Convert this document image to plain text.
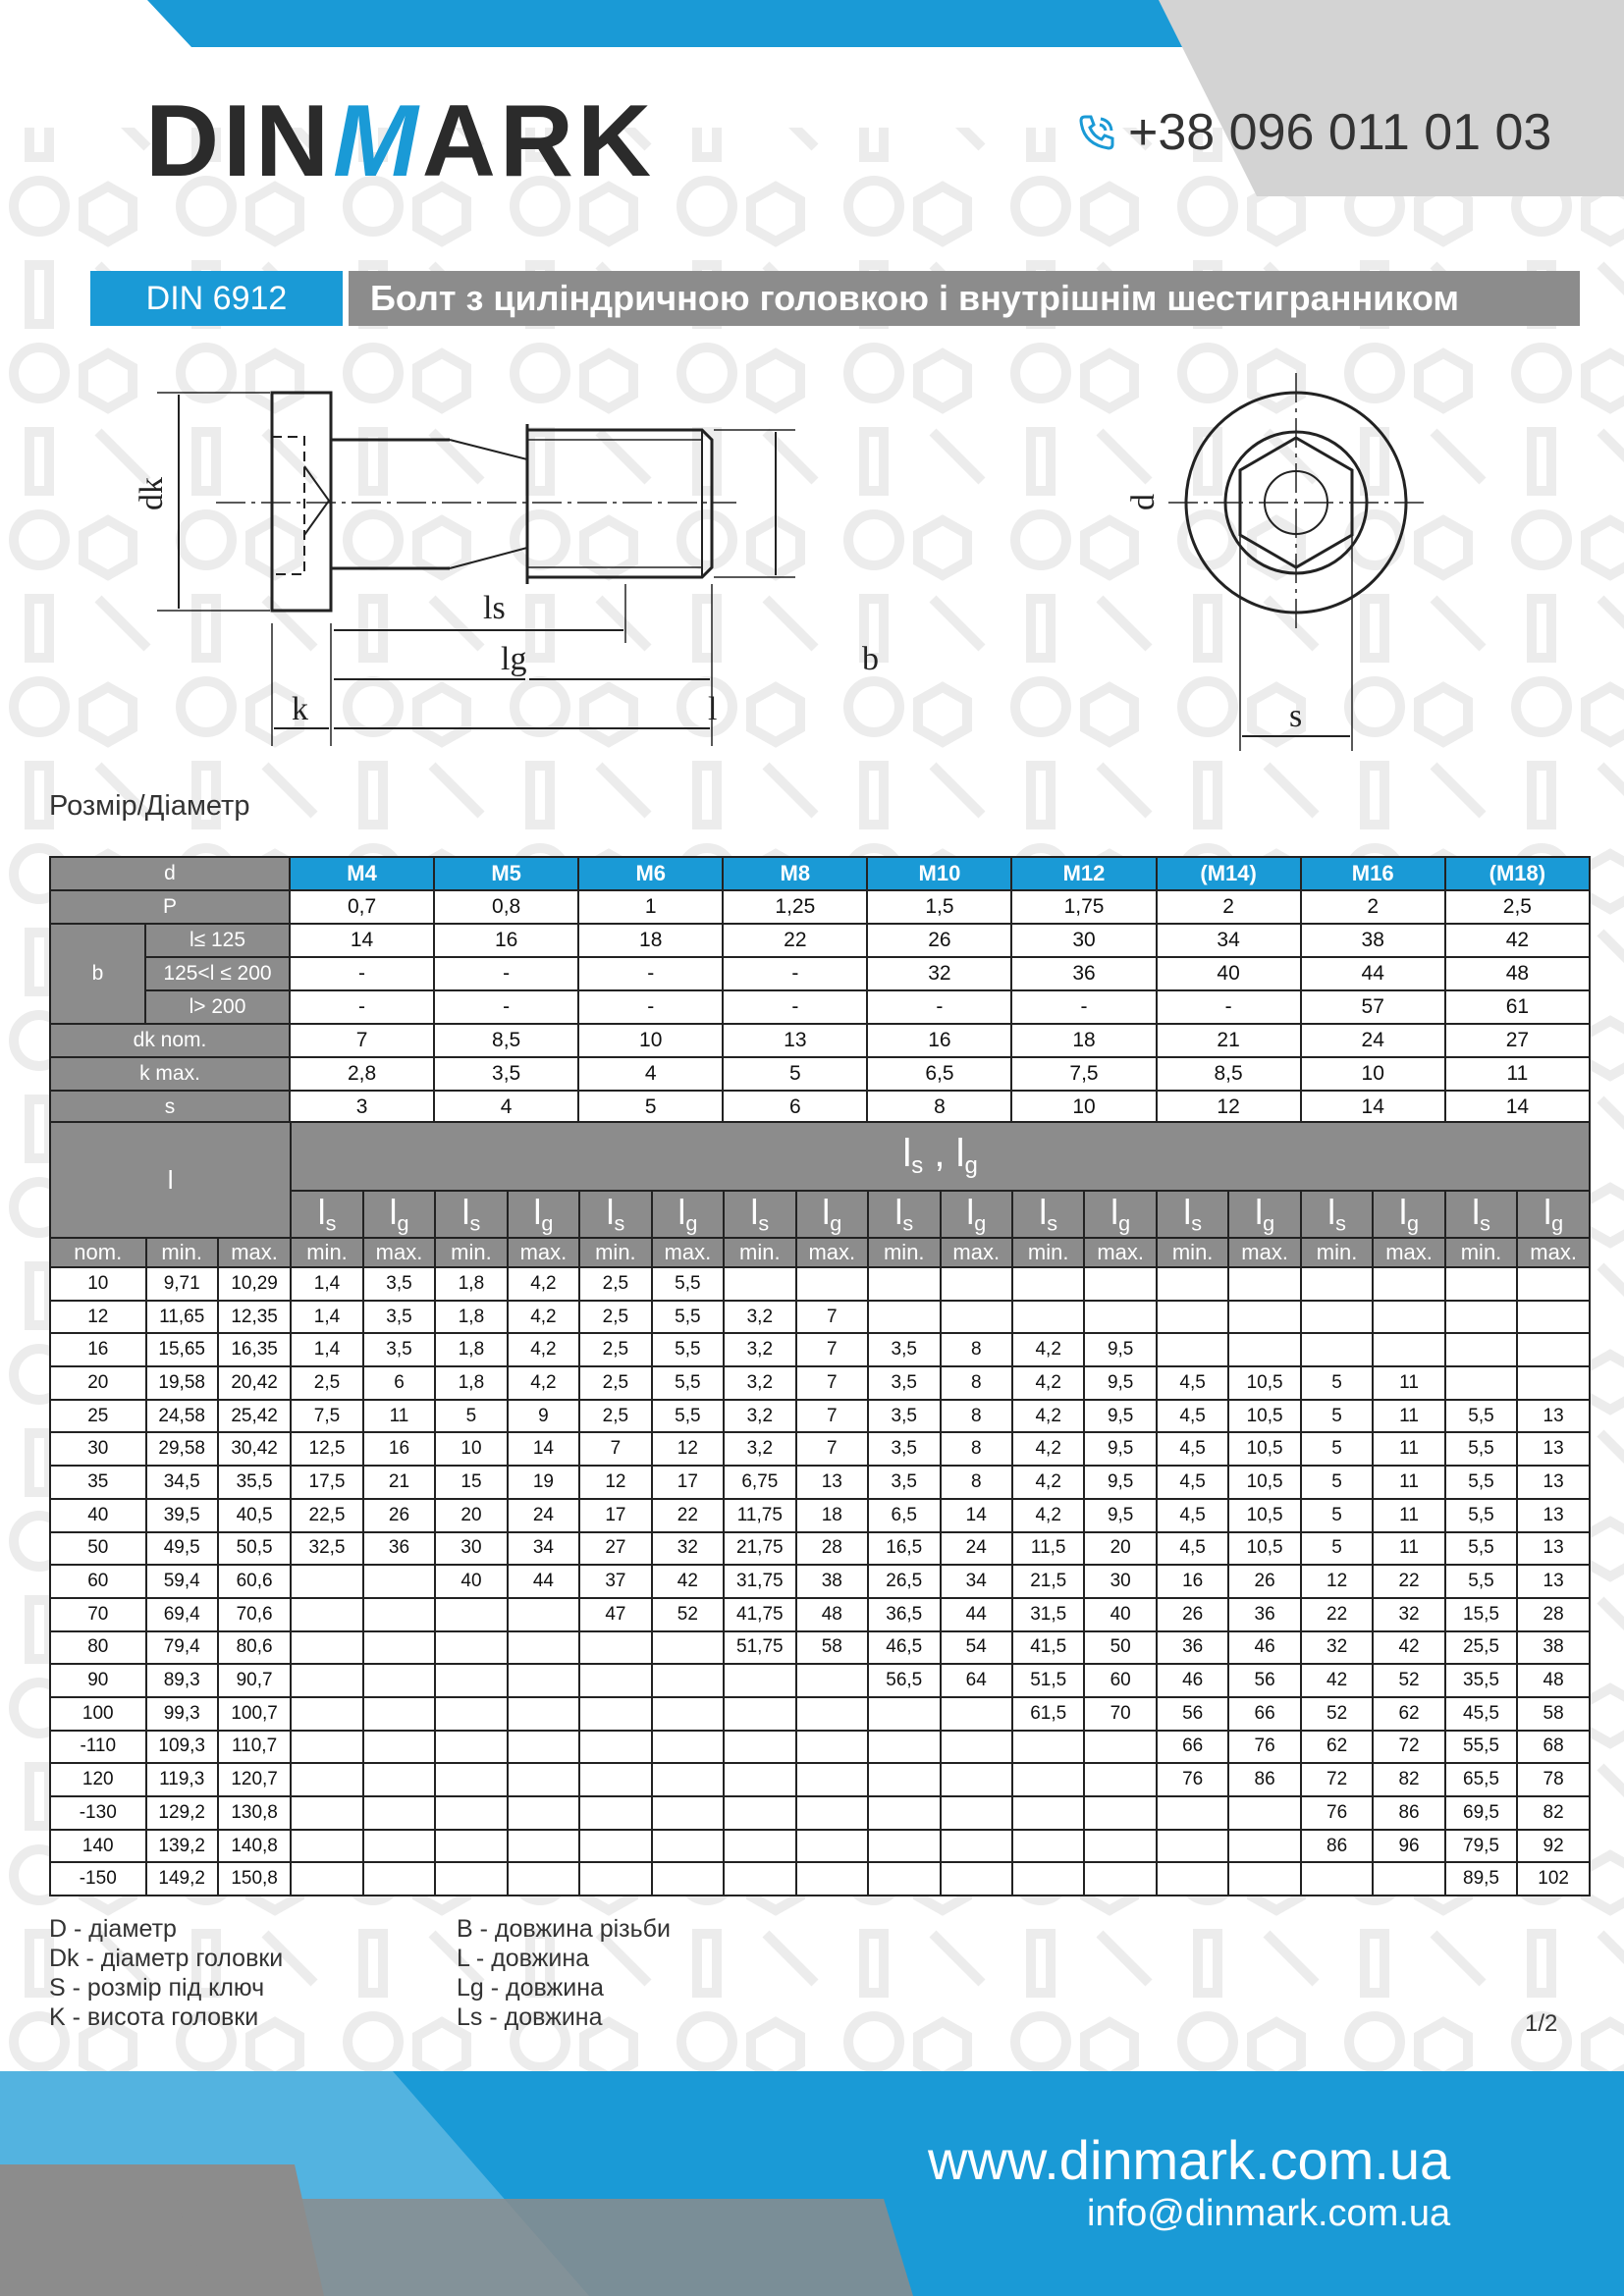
DINMARK	+38 096 011 01 03
DIN 6912	Болт з циліндричною головкою і внутрішнім шестигранником
dk
ls
lg	b
k	l
d
s
Розмір/Діаметр
d		M4	M5	M6	M8	M10	M12	(M14)	M16	(M18)
P		0,7	0,8	1	1,25	1,5	1,75	2	2	2,5
b	l≤ 125	14	16	18	22	26	30	34	38	42
	125<l ≤ 200	-	-	-	-	32	36	40	44	48
	l> 200	-	-	-	-	-	-	-	57	61
dk nom.		7	8,5	10	13	16	18	21	24	27
k max.		2,8	3,5	4	5	6,5	7,5	8,5	10	11
s		3	4	5	6	8	10	12	14	14
l			$l_s$ , $l_g$
			$l_s$	$l_g$	$l_s$	$l_g$	$l_s$	$l_g$	$l_s$	$l_g$	$l_s$	$l_g$	$l_s$	$l_g$	$l_s$	$l_g$	$l_s$	$l_g$	$l_s$	$l_g$
nom.	min.	max.	min.	max.	min.	max.	min.	max.	min.	max.	min.	max.	min.	max.	min.	max.	min.	max.	min.	max.
10	9,71	10,29	1,4	3,5	1,8	4,2	2,5	5,5												
12	11,65	12,35	1,4	3,5	1,8	4,2	2,5	5,5	3,2	7										
16	15,65	16,35	1,4	3,5	1,8	4,2	2,5	5,5	3,2	7	3,5	8	4,2	9,5						
20	19,58	20,42	2,5	6	1,8	4,2	2,5	5,5	3,2	7	3,5	8	4,2	9,5	4,5	10,5	5	11		
25	24,58	25,42	7,5	11	5	9	2,5	5,5	3,2	7	3,5	8	4,2	9,5	4,5	10,5	5	11	5,5	13
30	29,58	30,42	12,5	16	10	14	7	12	3,2	7	3,5	8	4,2	9,5	4,5	10,5	5	11	5,5	13
35	34,5	35,5	17,5	21	15	19	12	17	6,75	13	3,5	8	4,2	9,5	4,5	10,5	5	11	5,5	13
40	39,5	40,5	22,5	26	20	24	17	22	11,75	18	6,5	14	4,2	9,5	4,5	10,5	5	11	5,5	13
50	49,5	50,5	32,5	36	30	34	27	32	21,75	28	16,5	24	11,5	20	4,5	10,5	5	11	5,5	13
60	59,4	60,6			40	44	37	42	31,75	38	26,5	34	21,5	30	16	26	12	22	5,5	13
70	69,4	70,6					47	52	41,75	48	36,5	44	31,5	40	26	36	22	32	15,5	28
80	79,4	80,6							51,75	58	46,5	54	41,5	50	36	46	32	42	25,5	38
90	89,3	90,7									56,5	64	51,5	60	46	56	42	52	35,5	48
100	99,3	100,7											61,5	70	56	66	52	62	45,5	58
-110	109,3	110,7													66	76	62	72	55,5	68
120	119,3	120,7													76	86	72	82	65,5	78
-130	129,2	130,8															76	86	69,5	82
140	139,2	140,8															86	96	79,5	92
-150	149,2	150,8																	89,5	102
D - діаметр
Dk - діаметр головки
S - розмір під ключ
K - висота головки
B - довжина різьби
L - довжина
Lg - довжина
Ls - довжина	1/2
www.dinmark.com.ua
info@dinmark.com.ua
